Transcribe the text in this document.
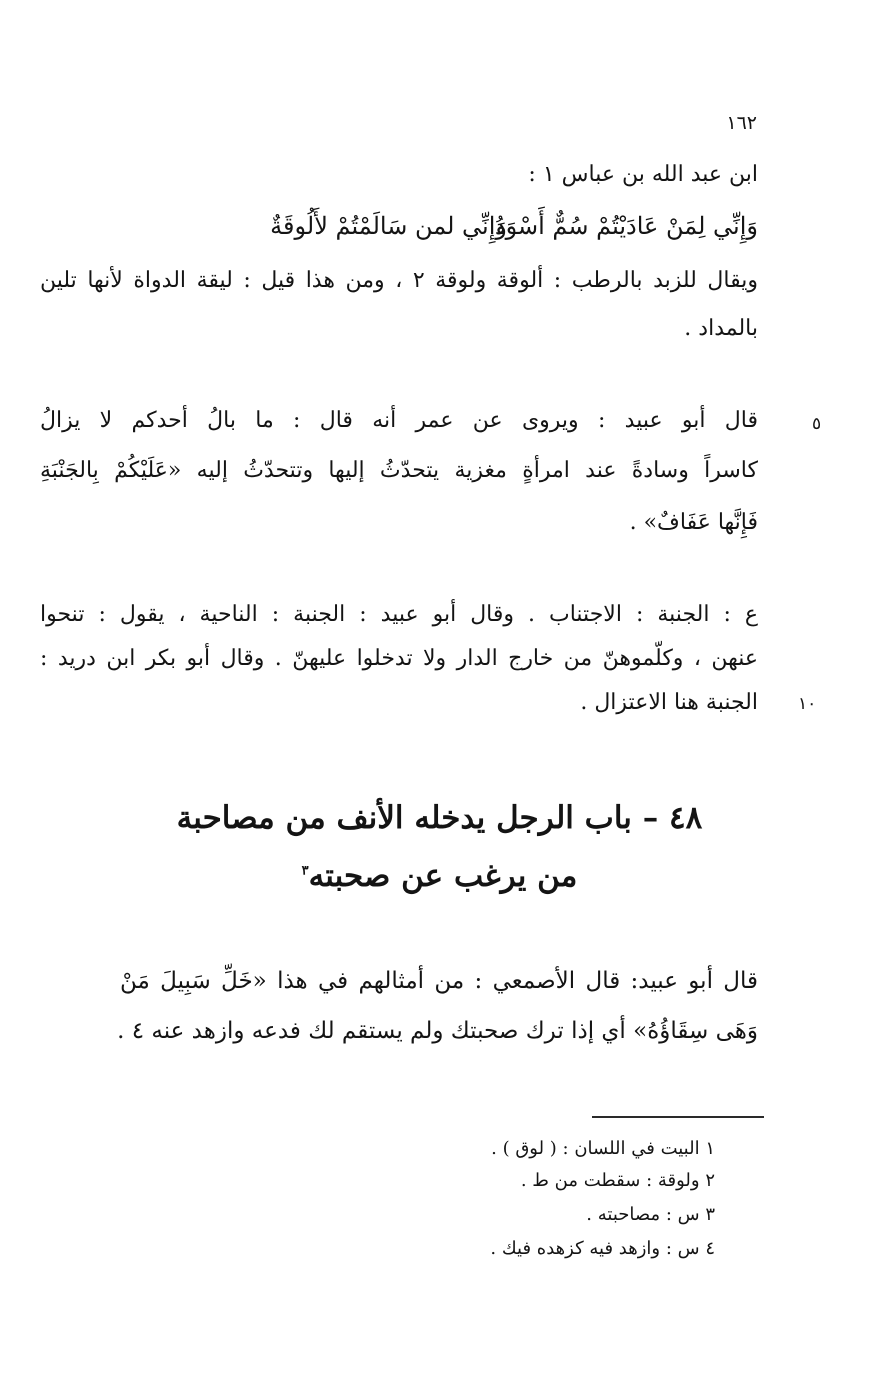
١٦٢

ابن عبد الله بن عباس ١ :

وَإِنِّي لِمَنْ عَادَيْتُمْ سُمٌّ أَسْوَدُ
وَإِنِّي لمن سَالَمْتُمْ لأَلُوقَةٌ

ويقال للزبد بالرطب : ألوقة ولوقة ٢ ، ومن هذا قيل : ليقة الدواة لأنها تلين

بالمداد .

٥

قال أبو عبيد : ويروى عن عمر أنه قال : ما بالُ أحدكم لا يزالُ

كاسراً وسادةً عند امرأةٍ مغزية يتحدّثُ إليها وتتحدّثُ إليه «عَلَيْكُمْ بِالجَنْبَةِ

فَإِنَّها عَفَافٌ» .

ع : الجنبة : الاجتناب . وقال أبو عبيد : الجنبة : الناحية ، يقول : تنحوا

عنهن ، وكلّموهنّ من خارج الدار ولا تدخلوا عليهنّ . وقال أبو بكر ابن دريد :

الجنبة هنا الاعتزال . ١٠

٤٨ – باب الرجل يدخله الأنف من مصاحبة

من يرغب عن صحبته$^٣$

قال أبو عبيد: قال الأصمعي : من أمثالهم في هذا «خَلِّ سَبِيلَ مَنْ

وَهَى سِقَاؤُهُ» أي إذا ترك صحبتك ولم يستقم لك فدعه وازهد عنه ٤ .

١ البيت في اللسان : ( لوق ) .

٢ ولوقة : سقطت من ط .

٣ س : مصاحبته .

٤ س : وازهد فيه كزهده فيك .
